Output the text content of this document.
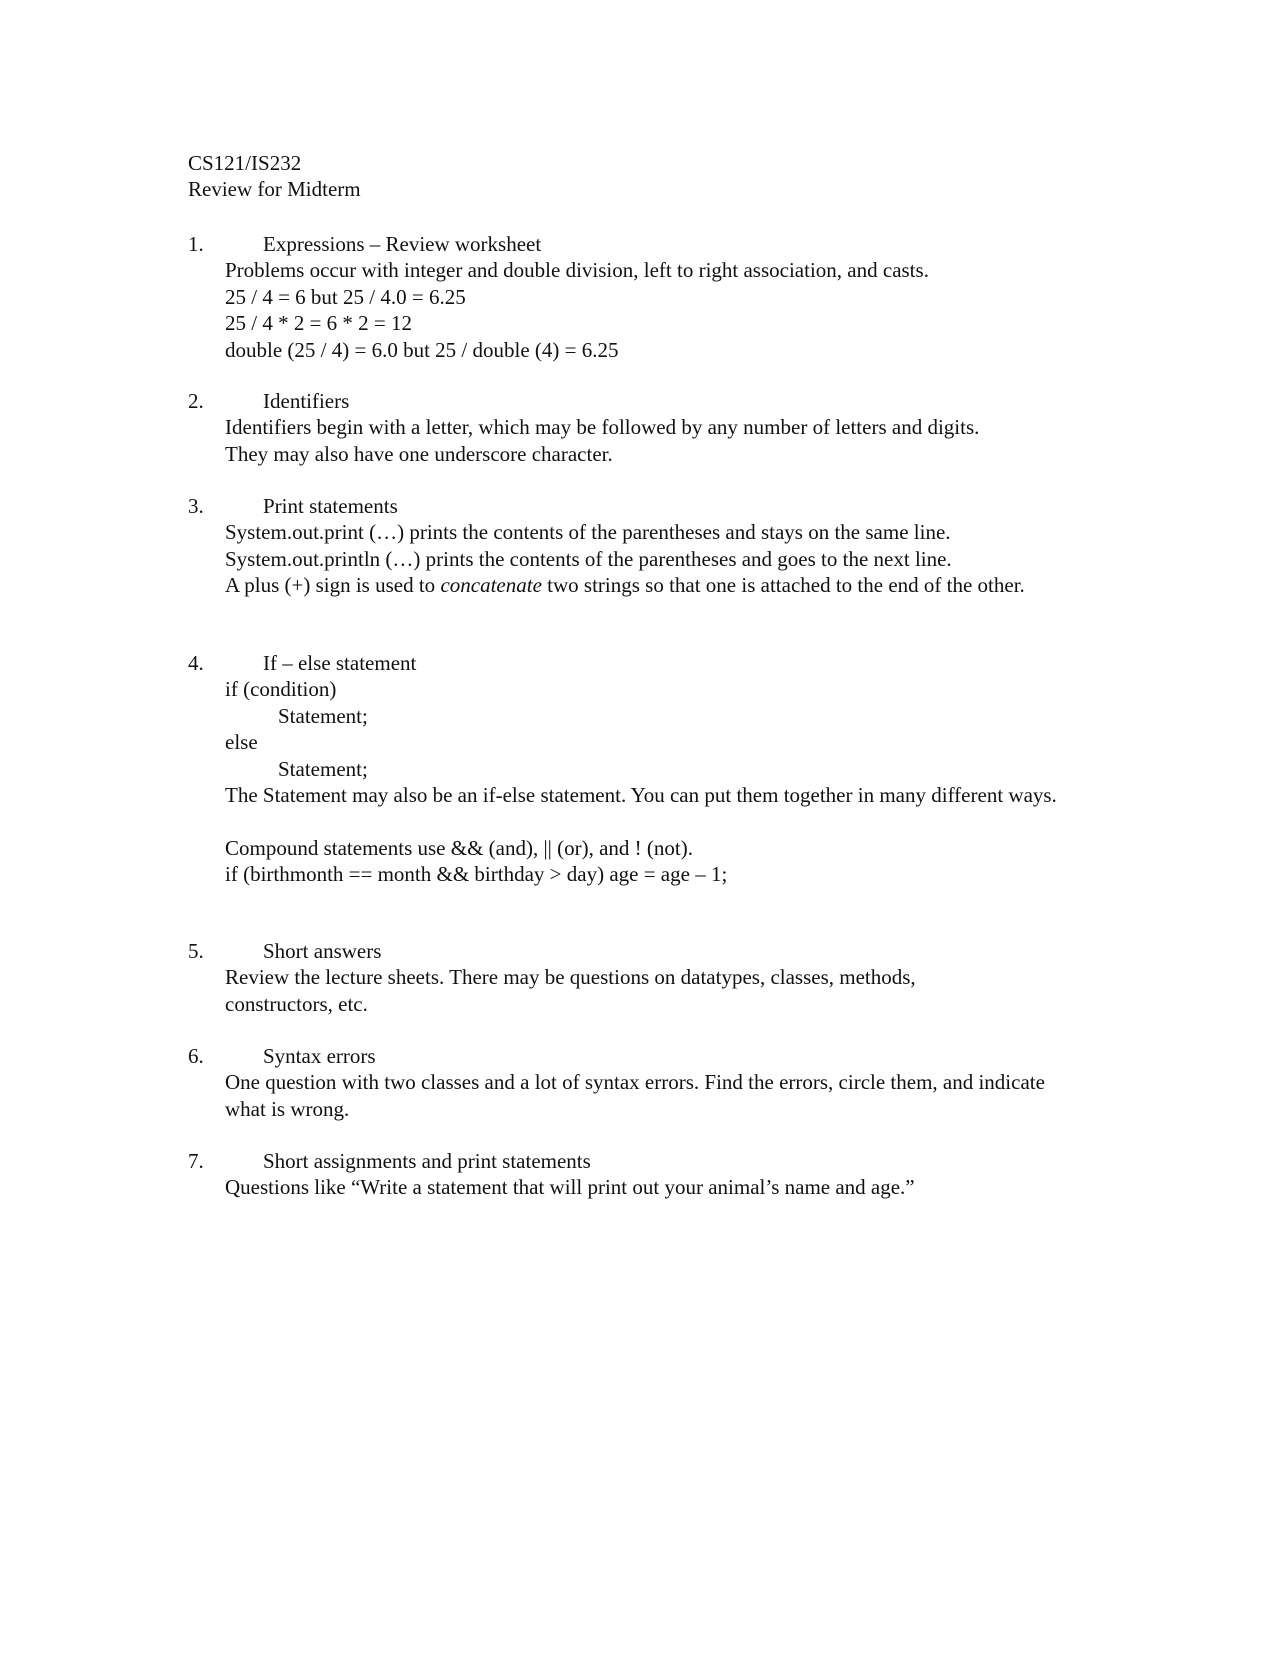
CS121/IS232
Review for Midterm
1.	Expressions – Review worksheet
Problems occur with integer and double division, left to right association, and casts.
25 / 4 = 6 but 25 / 4.0 = 6.25
25 / 4 * 2 = 6 * 2 = 12
double (25 / 4) = 6.0 but 25 / double (4) = 6.25
2.	Identifiers
Identifiers begin with a letter, which may be followed by any number of letters and digits.
They may also have one underscore character.
3.	Print statements
System.out.print (…) prints the contents of the parentheses and stays on the same line.
System.out.println (…) prints the contents of the parentheses and goes to the next line.
A plus (+) sign is used to concatenate two strings so that one is attached to the end of the other.
4.	If – else statement
if (condition)
Statement;
else
Statement;
The Statement may also be an if-else statement. You can put them together in many different ways.
Compound statements use && (and), || (or), and ! (not).
if (birthmonth == month && birthday > day) age = age – 1;
5.	Short answers
Review the lecture sheets. There may be questions on datatypes, classes, methods, constructors, etc.
6.	Syntax errors
One question with two classes and a lot of syntax errors. Find the errors, circle them, and indicate what is wrong.
7.	Short assignments and print statements
Questions like “Write a statement that will print out your animal’s name and age.”
